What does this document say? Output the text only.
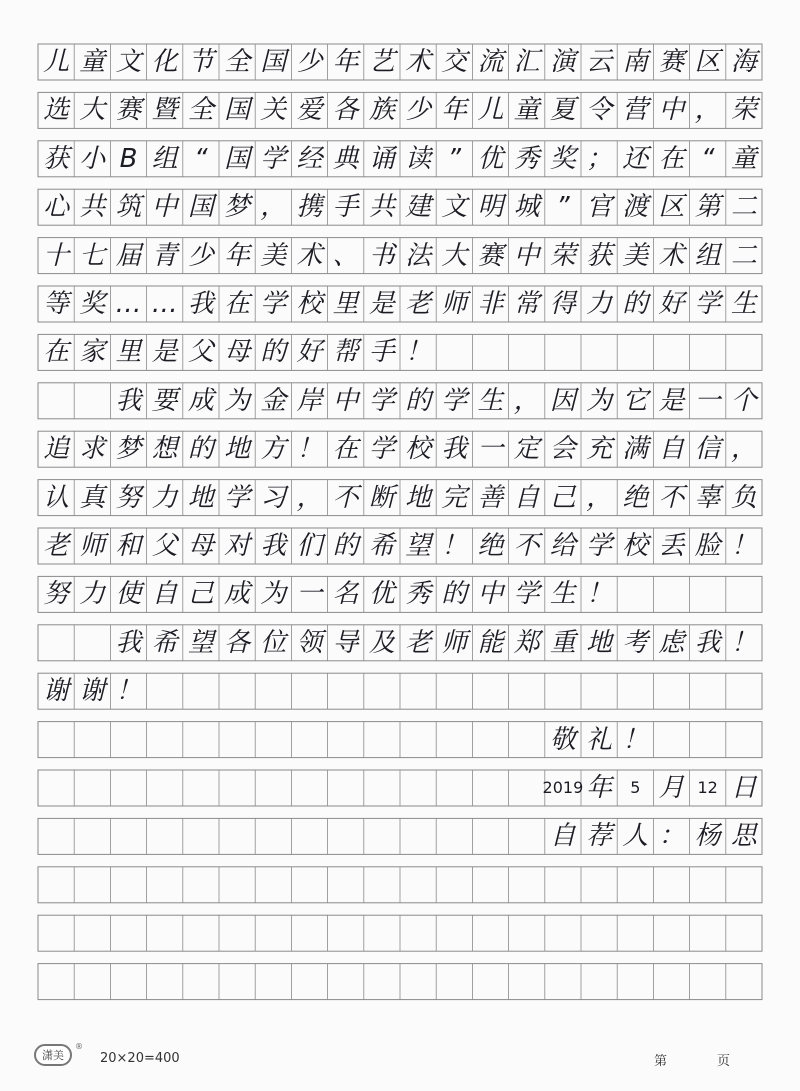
儿 童 文 化 节 全 国 少 年 艺 术 交 流 汇 演 云 南 赛 区 海
选 大 赛 暨 全 国 关 爱 各 族 少 年 儿 童 夏 令 营 中 ， 荣
获 小 B 组 “ 国 学 经 典 诵 读 ” 优 秀 奖 ； 还 在 “ 童
心 共 筑 中 国 梦 ， 携 手 共 建 文 明 城 ” 官 渡 区 第 二
十 七 届 青 少 年 美 术 、 书 法 大 赛 中 荣 获 美 术 组 二
等 奖 … … 我 在 学 校 里 是 老 师 非 常 得 力 的 好 学 生
在 家 里 是 父 母 的 好 帮 手 ！
我 要 成 为 金 岸 中 学 的 学 生 ， 因 为 它 是 一 个
追 求 梦 想 的 地 方 ！ 在 学 校 我 一 定 会 充 满 自 信 ，
认 真 努 力 地 学 习 ， 不 断 地 完 善 自 己 ， 绝 不 辜 负
老 师 和 父 母 对 我 们 的 希 望 ！ 绝 不 给 学 校 丢 脸 ！
努 力 使 自 己 成 为 一 名 优 秀 的 中 学 生 ！
我 希 望 各 位 领 导 及 老 师 能 郑 重 地 考 虑 我 ！
谢 谢 ！
敬 礼 ！
自 荐 人 ： 杨 思
2019 年	5 月 12 日
潇美
®
20×20=400	第	页
